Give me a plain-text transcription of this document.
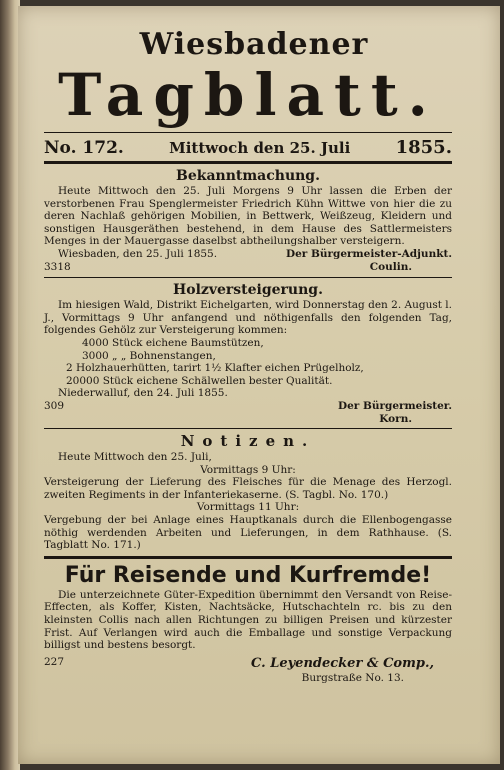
Wiesbadener
Tagblatt.
No. 172.	Mittwoch den 25. Juli	1855.
Bekanntmachung.

Heute Mittwoch den 25. Juli Morgens 9 Uhr lassen die Erben der verstorbenen Frau Spenglermeister Friedrich Kühn Wittwe von hier die zu deren Nachlaß gehörigen Mobilien, in Bettwerk, Weißzeug, Kleidern und sonstigen Hausgeräthen bestehend, in dem Hause des Sattlermeisters Menges in der Mauergasse daselbst abtheilungshalber versteigern.

Wiesbaden, den 25. Juli 1855.	Der Bürgermeister-Adjunkt.
3318	Coulin.
Holzversteigerung.

Im hiesigen Wald, Distrikt Eichelgarten, wird Donnerstag den 2. August l. J., Vormittags 9 Uhr anfangend und nöthigenfalls den folgenden Tag, folgendes Gehölz zur Versteigerung kommen:

4000 Stück eichene Baumstützen,
3000 „ „ Bohnenstangen,
2 Holzhauerhütten, tarirt 1½ Klafter eichen Prügelholz,
20000 Stück eichene Schälwellen bester Qualität.
Niederwalluf, den 24. Juli 1855.
309	Der Bürgermeister.
Korn.
Notizen.
Heute Mittwoch den 25. Juli,
Vormittags 9 Uhr:

Versteigerung der Lieferung des Fleisches für die Menage des Herzogl. zweiten Regiments in der Infanteriekaserne. (S. Tagbl. No. 170.)

Vormittags 11 Uhr:

Vergebung der bei Anlage eines Hauptkanals durch die Ellenbogengasse nöthig werdenden Arbeiten und Lieferungen, in dem Rathhause. (S. Tagblatt No. 171.)

Für Reisende und Kurfremde!

Die unterzeichnete Güter-Expedition übernimmt den Versandt von Reise-Effecten, als Koffer, Kisten, Nachtsäcke, Hutschachteln rc. bis zu den kleinsten Collis nach allen Richtungen zu billigen Preisen und kürzester Frist. Auf Verlangen wird auch die Emballage und sonstige Verpackung billigst und bestens besorgt.

227	C. Leyendecker & Comp.,
Burgstraße No. 13.
